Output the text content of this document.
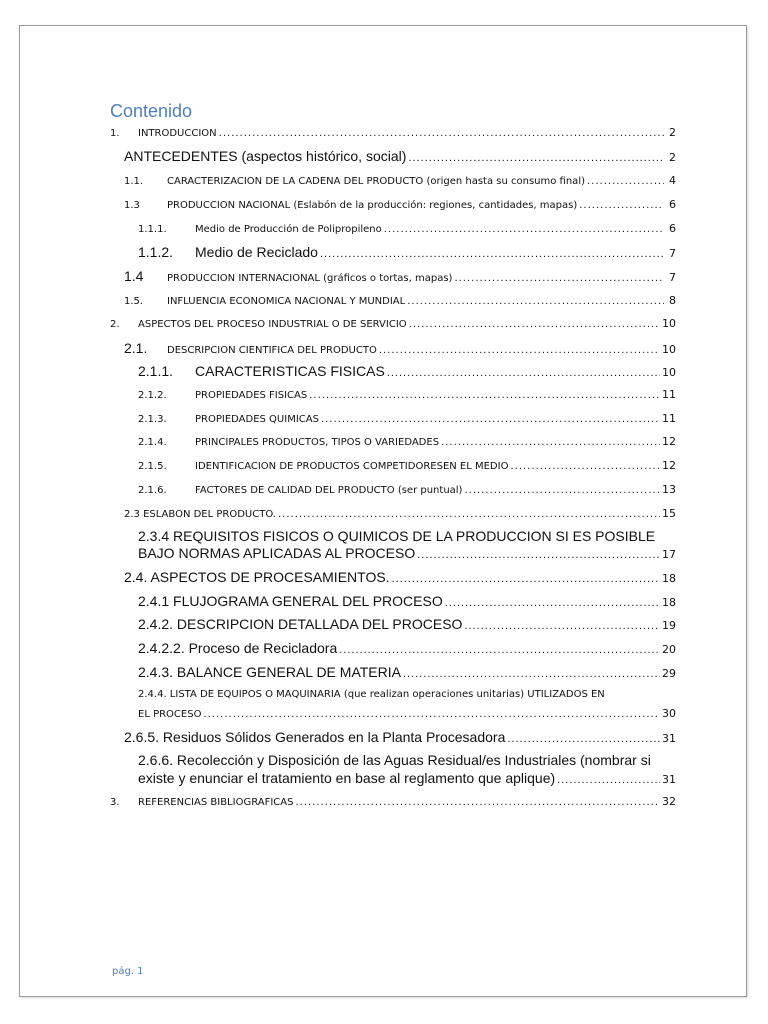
Contenido
1.	INTRODUCCION .....	2
ANTECEDENTES (aspectos histórico, social) .....	2
1.1.	CARACTERIZACION DE LA CADENA DEL PRODUCTO (origen hasta su consumo final) .....	4
1.3	PRODUCCION NACIONAL (Eslabón de la producción: regiones, cantidades, mapas) .....	6
1.1.1.	Medio de Producción de Polipropileno .....	6
1.1.2.	Medio de Reciclado .....	7
1.4	PRODUCCION INTERNACIONAL (gráficos o tortas, mapas) .....	7
1.5.	INFLUENCIA ECONOMICA NACIONAL Y MUNDIAL .....	8
2.	ASPECTOS DEL PROCESO INDUSTRIAL O DE SERVICIO .....	10
2.1.	DESCRIPCION CIENTIFICA DEL PRODUCTO .....	10
2.1.1.	CARACTERISTICAS FISICAS .....	10
2.1.2.	PROPIEDADES FISICAS .....	11
2.1.3.	PROPIEDADES QUIMICAS .....	11
2.1.4.	PRINCIPALES PRODUCTOS, TIPOS O VARIEDADES .....	12
2.1.5.	IDENTIFICACION DE PRODUCTOS COMPETIDORESEN EL MEDIO .....	12
2.1.6.	FACTORES DE CALIDAD DEL PRODUCTO (ser puntual) .....	13
2.3 ESLABON DEL PRODUCTO. .....	15
2.3.4 REQUISITOS FISICOS O QUIMICOS DE LA PRODUCCION SI ES POSIBLE
BAJO NORMAS APLICADAS AL PROCESO .....	17
2.4. ASPECTOS DE PROCESAMIENTOS. .....	18
2.4.1 FLUJOGRAMA GENERAL DEL PROCESO .....	18
2.4.2. DESCRIPCION DETALLADA DEL PROCESO .....	19
2.4.2.2. Proceso de Recicladora .....	20
2.4.3. BALANCE GENERAL DE MATERIA .....	29
2.4.4. LISTA DE EQUIPOS O MAQUINARIA (que realizan operaciones unitarias) UTILIZADOS EN
EL PROCESO .....	30
2.6.5. Residuos Sólidos Generados en la Planta Procesadora .....	31
2.6.6. Recolección y Disposición de las Aguas Residual/es Industriales (nombrar si
existe y enunciar el tratamiento en base al reglamento que aplique) .....	31
3.	REFERENCIAS BIBLIOGRAFICAS .....	32
pág. 1
